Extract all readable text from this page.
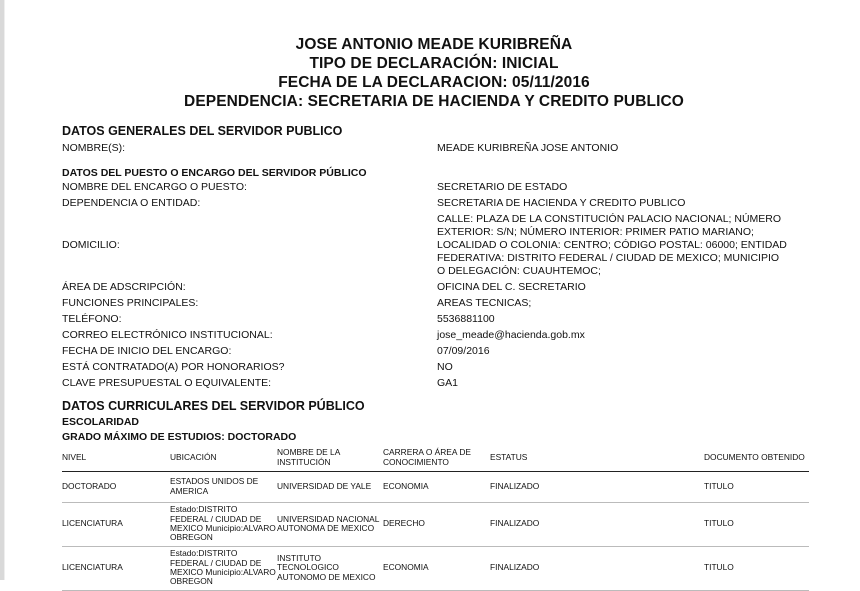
JOSE ANTONIO MEADE KURIBREÑA
TIPO DE DECLARACIÓN: INICIAL
FECHA DE LA DECLARACION: 05/11/2016
DEPENDENCIA: SECRETARIA DE HACIENDA Y CREDITO PUBLICO
DATOS GENERALES DEL SERVIDOR PUBLICO
NOMBRE(S):	MEADE KURIBREÑA JOSE ANTONIO
DATOS DEL PUESTO O ENCARGO DEL SERVIDOR PÚBLICO
NOMBRE DEL ENCARGO O PUESTO:	SECRETARIO DE ESTADO
DEPENDENCIA O ENTIDAD:	SECRETARIA DE HACIENDA Y CREDITO PUBLICO
DOMICILIO:
CALLE: PLAZA DE LA CONSTITUCIÓN PALACIO NACIONAL; NÚMERO EXTERIOR: S/N; NÚMERO INTERIOR: PRIMER PATIO MARIANO; LOCALIDAD O COLONIA: CENTRO; CÓDIGO POSTAL: 06000; ENTIDAD FEDERATIVA: DISTRITO FEDERAL / CIUDAD DE MEXICO; MUNICIPIO O DELEGACIÓN: CUAUHTEMOC;
ÁREA DE ADSCRIPCIÓN:	OFICINA DEL C. SECRETARIO
FUNCIONES PRINCIPALES:	AREAS TECNICAS;
TELÉFONO:	5536881100
CORREO ELECTRÓNICO INSTITUCIONAL:	jose_meade@hacienda.gob.mx
FECHA DE INICIO DEL ENCARGO:	07/09/2016
ESTÁ CONTRATADO(A) POR HONORARIOS?	NO
CLAVE PRESUPUESTAL O EQUIVALENTE:	GA1
DATOS CURRICULARES DEL SERVIDOR PÚBLICO
ESCOLARIDAD
GRADO MÁXIMO DE ESTUDIOS: DOCTORADO
NIVEL	UBICACIÓN	NOMBRE DE LA INSTITUCIÓN	CARRERA O ÁREA DE CONOCIMIENTO	ESTATUS	DOCUMENTO OBTENIDO
DOCTORADO	ESTADOS UNIDOS DE AMERICA	UNIVERSIDAD DE YALE	ECONOMIA	FINALIZADO	TITULO
LICENCIATURA	Estado:DISTRITO FEDERAL / CIUDAD DE MEXICO Municipio:ALVARO OBREGON	UNIVERSIDAD NACIONAL AUTONOMA DE MEXICO	DERECHO	FINALIZADO	TITULO
LICENCIATURA	Estado:DISTRITO FEDERAL / CIUDAD DE MEXICO Municipio:ALVARO OBREGON	INSTITUTO TECNOLOGICO AUTONOMO DE MEXICO	ECONOMIA	FINALIZADO	TITULO
